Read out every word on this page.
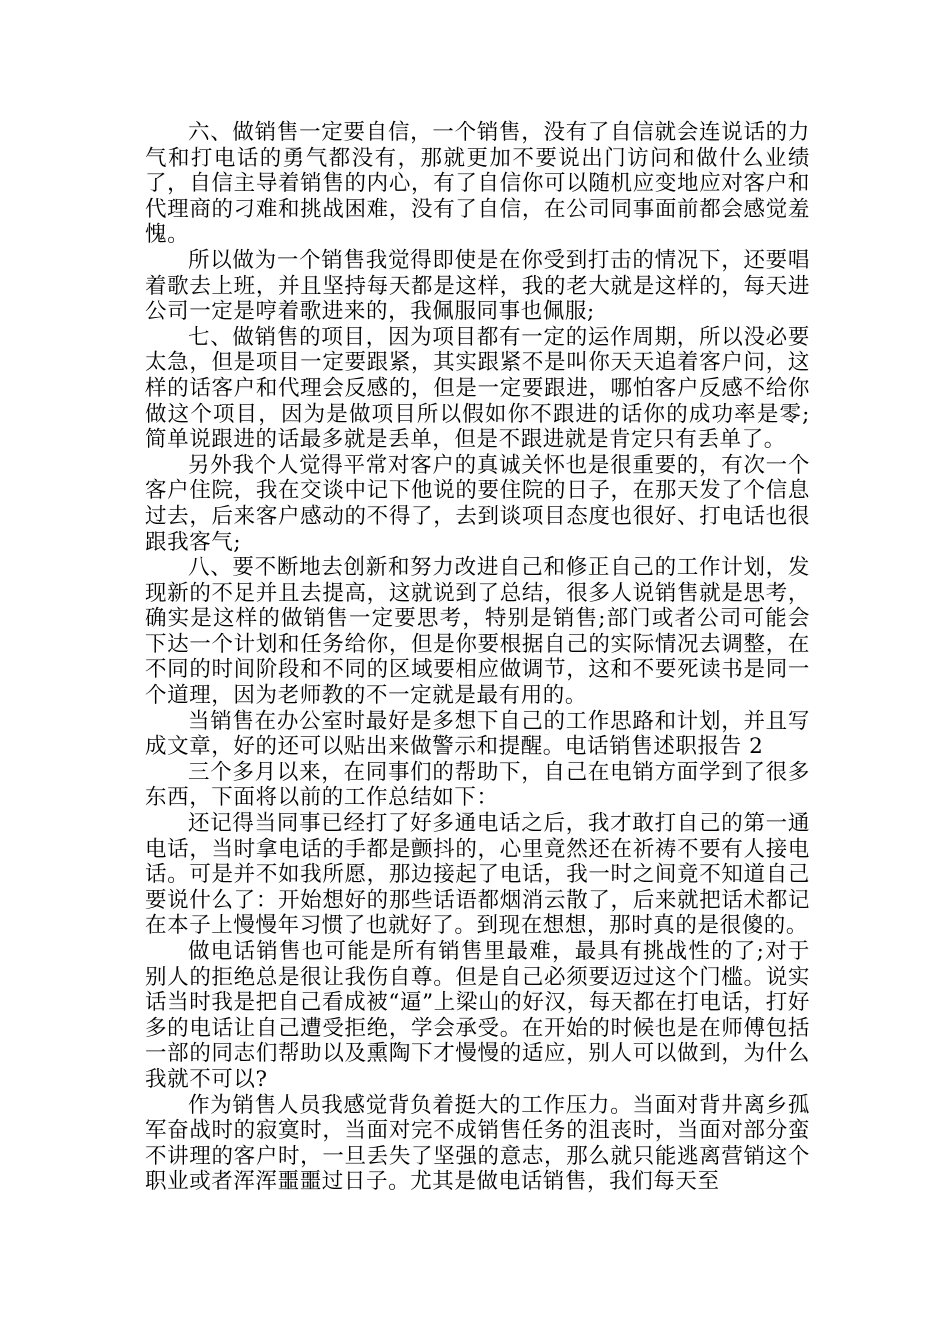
六、做销售一定要自信，一个销售，没有了自信就会连说话的力气和打电话的勇气都没有，那就更加不要说出门访问和做什么业绩了，自信主导着销售的内心，有了自信你可以随机应变地应对客户和代理商的刁难和挑战困难，没有了自信，在公司同事面前都会感觉羞愧。

所以做为一个销售我觉得即使是在你受到打击的情况下，还要唱着歌去上班，并且坚持每天都是这样，我的老大就是这样的，每天进公司一定是哼着歌进来的，我佩服同事也佩服;

七、做销售的项目，因为项目都有一定的运作周期，所以没必要太急，但是项目一定要跟紧，其实跟紧不是叫你天天追着客户问，这样的话客户和代理会反感的，但是一定要跟进，哪怕客户反感不给你做这个项目，因为是做项目所以假如你不跟进的话你的成功率是零;简单说跟进的话最多就是丢单，但是不跟进就是肯定只有丢单了。

另外我个人觉得平常对客户的真诚关怀也是很重要的，有次一个客户住院，我在交谈中记下他说的要住院的日子，在那天发了个信息过去，后来客户感动的不得了，去到谈项目态度也很好、打电话也很跟我客气;

八、要不断地去创新和努力改进自己和修正自己的工作计划，发现新的不足并且去提高，这就说到了总结，很多人说销售就是思考，确实是这样的做销售一定要思考，特别是销售;部门或者公司可能会下达一个计划和任务给你，但是你要根据自己的实际情况去调整，在不同的时间阶段和不同的区域要相应做调节，这和不要死读书是同一个道理，因为老师教的不一定就是最有用的。

当销售在办公室时最好是多想下自己的工作思路和计划，并且写成文章，好的还可以贴出来做警示和提醒。电话销售述职报告 2

三个多月以来，在同事们的帮助下，自己在电销方面学到了很多东西，下面将以前的工作总结如下：

还记得当同事已经打了好多通电话之后，我才敢打自己的第一通电话，当时拿电话的手都是颤抖的，心里竟然还在祈祷不要有人接电话。可是并不如我所愿，那边接起了电话，我一时之间竟不知道自己要说什么了：开始想好的那些话语都烟消云散了，后来就把话术都记在本子上慢慢年习惯了也就好了。到现在想想，那时真的是很傻的。

做电话销售也可能是所有销售里最难，最具有挑战性的了;对于别人的拒绝总是很让我伤自尊。但是自己必须要迈过这个门槛。说实话当时我是把自己看成被“逼”上梁山的好汉，每天都在打电话，打好多的电话让自己遭受拒绝，学会承受。在开始的时候也是在师傅包括一部的同志们帮助以及熏陶下才慢慢的适应，别人可以做到，为什么我就不可以?

作为销售人员我感觉背负着挺大的工作压力。当面对背井离乡孤军奋战时的寂寞时，当面对完不成销售任务的沮丧时，当面对部分蛮不讲理的客户时，一旦丢失了坚强的意志，那么就只能逃离营销这个职业或者浑浑噩噩过日子。尤其是做电话销售，我们每天至
